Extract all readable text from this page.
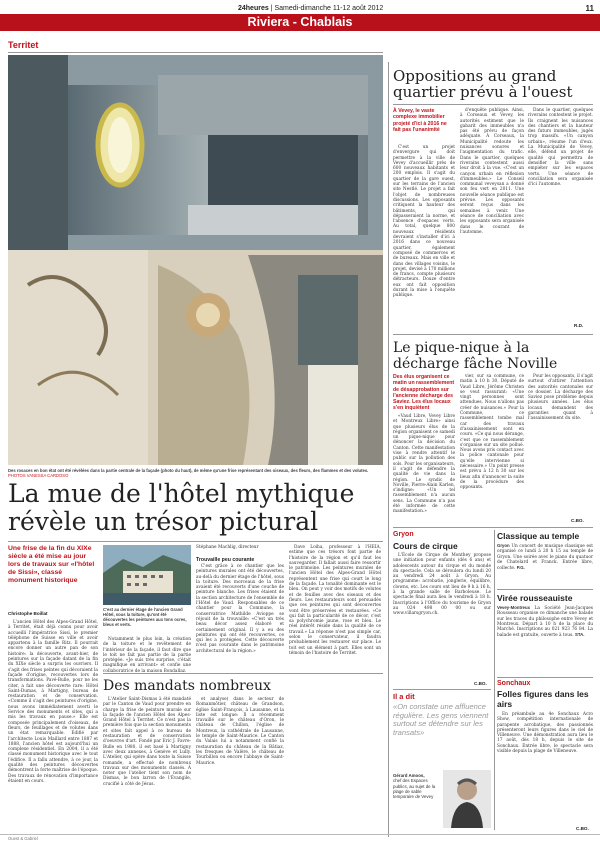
24heures | Samedi-dimanche 11-12 août 2012	11
Riviera - Chablais
Territet
Des rosaces en bon état ont été révélées dans la partie centrale de la façade (photo du haut), de même qu'une frise représentant des oiseaux, des fleurs, des flammes et des volutes. PHOTOS VANESSA CARDOSO
La mue de l'hôtel mythique révèle un trésor pictural
Une frise de la fin du XIXe siècle a été mise au jour lors de travaux sur «l'hôtel de Sissi», classé monument historique
Christophe Boillat

L'ancien Hôtel des Alpes-Grand Hôtel, à Territet, était déjà connu pour avoir accueilli l'impératrice Sissi, le premier téléphone de Suisse en ville et avoir appartenu à la famille Ritz. Il pourrait encore donner un autre pan de son histoire: la découverte, avant-hier, de peintures sur la façade datant de la fin du XIXe siècle a surpris les ouvriers. Il s'agit des frises peintes qui décoraient la façade d'origine, recouvertes lors de transformations. Pavé-Bulle, pour ne les citer, a fait une découverte rare: Hôtel Saint-Dumas, à Martigny, bureau de restauration et de conservation. «Comme il s'agit des peintures d'origine, nous avons immédiatement averti le Service des monuments et sites, qui a mis les travaux en pause.» Elle est composée principalement d'oiseaux, de fleurs, de feuillages et de volutes dans un état remarquable. Édifié par l'architecte Louis Maillard entre 1887 et 1888, l'ancien hôtel est aujourd'hui un complexe résidentiel. En 2004, il a été classé monument historique avec le tout l'édifice. Il a fallu attendre, à ce jour, la qualité des peintures découvertes démontrent la forte maîtrise de l'époque. Des travaux de rénovation d'importance étaient en cours.

C'est au dernier étage de l'ancien Grand Hôtel, sous la toiture, qu'ont été découvertes les peintures aux tons ocres, bleus et verts.

Notamment le plus loin, la création de la toiture et le revêtement de l'intérieur de la façade, il faut dire que le toit ne fait pas partie de la partie protégée. «Je suis très surprise, c'était magnifique en arrivant» et confie une collaboratrice de la maison Bondallaz.

Stéphane Machlig, directeur
Trouvaille peu courante

C'est grâce à ce chantier que les peintures murales ont été découvertes, au-delà du dernier étage de l'hôtel, sous la toiture. Des morceaux de la frise avaient été recouverts d'une couche de peinture blanche. Les frises étaient de la section architecture de l'ensemble de l'Hôtel de Vaud. Responsables de ce chantier pour la Commune, la conservatrice Mathilde Avioppe se réjouit de la trouvaille: «C'est un très beau décor assez élaboré et certainement original. Il y a eu des peintures qui ont été recouvertes, ce qui les a protégées. Cette découverte n'est pas courante dans le patrimoine architectural de la région.»

Dave Loiha, professeur à l'HEIA, estime que ces trésors font partie de l'histoire de la région et qu'il faut les sauvegarder. Il fallait aussi faire ressortir le patrimoine. Les peintures murales de l'ancien Hôtel des Alpes-Grand Hôtel représentent une frise qui court le long de la façade. La tonalité dominante est le bleu. On peut y voir des motifs de volutes et de feuilles avec des oiseaux et des fleurs. Les restaurateurs sont persuadés que ces peintures qui sont découvertes vont être préservées et restaurées. «Ce qui fait la particularité de ce décor, c'est sa polychromie jaune, rose et bleu. Le réel intérêt réside dans la qualité de ce travail.» La réponse n'est pas simple car, selon le conservateur, il faudra probablement les restaurer sur place. Le toit est un élément à part. Elles sont un témoin de l'histoire de Territet.

Des mandats nombreux

L'Atelier Saint-Dismas à été mandaté par le Canton de Vaud pour prendre en charge la frise de peinture murale sur la façade de l'ancien Hôtel des Alpes-Grand Hôtel à Territet. Ce n'est pas la première fois que la section monuments et sites fait appel à ce bureau de restauration et de conservation d'oeuvres d'art. Fondé par Eric J. Favre-Bulle en 1980, il est basé à Martigny avec deux annexes, à Genève et Lully. L'Atelier, qui opère dans toute la Suisse romande, a effectué de nombreux travaux sur des monuments classés. À noter que l'atelier tient son nom de Dismas, le bon larron de l'Évangile, crucifié à côté de Jésus.

et analyse) dans le secteur de Romanmôtier, château de Grandson, église Saint-François, à Lausanne, et la liste est longue: Il a récemment travaillé sur le château d'Oron, le château de Chillon, l'église de Montreux, la cathédrale de Lausanne, le temple de Saint-Maurice. Le Canton du Valais lui a notamment confié la restauration du château de la Bâtiaz, les fresques de Valère, le château de Tourbillon ou encore l'abbaye de Saint-Maurice.

Oppositions au grand quartier prévu à l'ouest
À Vevey, le vaste complexe immobilier projeté d'ici à 2016 ne fait pas l'unanimité

C'est un projet d'envergure qui doit permettre à la ville de Vevey d'accueillir près de 600 nouveaux habitants et 200 emplois. Il s'agit du quartier de la gare ouest, sur les terrains de l'ancien site Nestlé. Le projet a fait l'objet de nombreuses discussions. Les opposants critiquent la hauteur des bâtiments, qui dépasseraient la norme, et l'absence d'espaces verts. Au total, quelque 800 nouveaux résidents devraient s'installer d'ici à 2016 dans ce nouveau quartier, également composé de commerces et de bureaux. Mais en ville et dans des villages voisins, le projet, devisé à 170 millions de francs, compte plusieurs détracteurs. Douze d'entre eux ont fait opposition durant la mise à l'enquête publique.

d'enquête publique. Ainsi, à Corseaux et Vevey, les autorités estiment que le gabarit des immeubles n'a pas été prévu de façon adéquate. À Corseaux, la Municipalité redoute les nuisances sonores et l'augmentation du trafic. Dans le quartier, quelques riverains contestent aussi leur droit à la vue. «C'est un canyon urbain en réflexion d'immeubles.» Le Conseil communal veveysan a donné son feu vert en 2011. Une nouvelle séance publique est prévue. Les opposants seront reçus dans les semaines à venir. Une séance de conciliation avec les opposants sera organisée dans le courant de l'automne.

Dans le quartier, quelques riverains contestent le projet. Ils craignent les nuisances des chantiers et la hauteur des futurs immeubles, jugés trop massifs. «Un canyon urbain», résume l'un d'eux. La Municipalité de Vevey, elle, défend un projet de qualité qui permettra de densifier la ville sans empiéter sur les espaces verts. Une séance de conciliation sera organisée d'ici l'automne.

R.D.
Le pique-nique à la décharge fâche Noville
Des élus organisent ce matin un rassemblement de désapprobation sur l'ancienne décharge des Saviez. Les élus locaux s'en inquiètent

«Vaud Libre, Vevey Libre et Montreux Libre» ainsi que plusieurs élus de la région organisent ce samedi un pique-nique pour dénoncer la décision du Canton. Cette manifestation vise à rendre attentif le public sur la pollution des sols. Pour les organisateurs, il s'agit de défendre la qualité de vie dans la région. Le syndic de Noville, Pierre-Alain Karlen, s'indigne: «Un tel rassemblement n'a aucun sens. La Commune n'a pas été informée de cette manifestation.»

vier, sur sa commune, ce matin à 10 h 30. Député de Vaud Libre, Jérôme Christen se veut rassurant: «Une vingt personnes sont attendues. Nous n'allons pas créer de nuisances.» Pour la Commune, ce rassemblement tombe mal car des travaux d'assainissement sont en cours. «Ce qui nous dérange, c'est que ce rassemblement s'organise sur un site pollué. Nous avons pris contact avec la police cantonale pour qu'elle intervienne si nécessaire.» Un point presse est prévu à 12 h 30 sur les lieux afin d'annoncer la suite de la procédure des opposants.

Pour les opposants, il s'agit surtout d'attirer l'attention des autorités cantonales sur ce dossier. La décharge des Saviez pose problème depuis plusieurs années. Les élus locaux demandent des garanties quant à l'assainissement du site.

C.BO.
Gryon
Cours de cirque

L'École de Cirque de Monthey propose une initiation pour enfants (dès 6 ans) et adolescents autour du cirque et du monde du spectacle. Cela se déroulera du lundi 20 au vendredi 24 août à Gryon. Au programme: acrobatie, jonglerie, équilibre, clowns, etc. Les cours ont lieu de 9 h à 16 h, à la grande salle de Barboleuse. Le spectacle final aura lieu le vendredi à 18 h. Inscriptions à l'Office du tourisme de Gryon au 024 498 00 00 ou sur www.villarsgryon.ch.

C.BO.
Il a dit
«On constate une affluence régulière. Les gens viennent surtout se détendre sur les transats»
Gérard Amoos,
chef des Espaces publics, au sujet de la plage de sable temporaire de Vevey
Classique au temple
Gryon Un concert de musique classique est organisé ce lundi à 20 h 15 au temple de Gryon. Une soirée avec le piano du quatuor de Chatelard et Franck. Entrée libre, collecte. P.G.
Virée rousseauiste
Vevey-Montreux La Société Jean-Jacques Rousseau organise ce dimanche une balade sur les traces du philosophe entre Vevey et Montreux. Départ à 10 h de la place du Marché. Inscriptions au 021 923 76 84. La balade est gratuite, ouverte à tous. STA.
Sonchaux
Folles figures dans les airs

En préambule au 4e Sonchaux Acro Show, compétition internationale de parapente acrobatique, des passionnés présenteront leurs figures dans le ciel de Villeneuve. Une démonstration aura lieu le 17 août, dès 18 h, depuis le site de Sonchaux. Entrée libre, le spectacle sera visible depuis la plage de Villeneuve.

C.BO.
Ouest & Gabriel
